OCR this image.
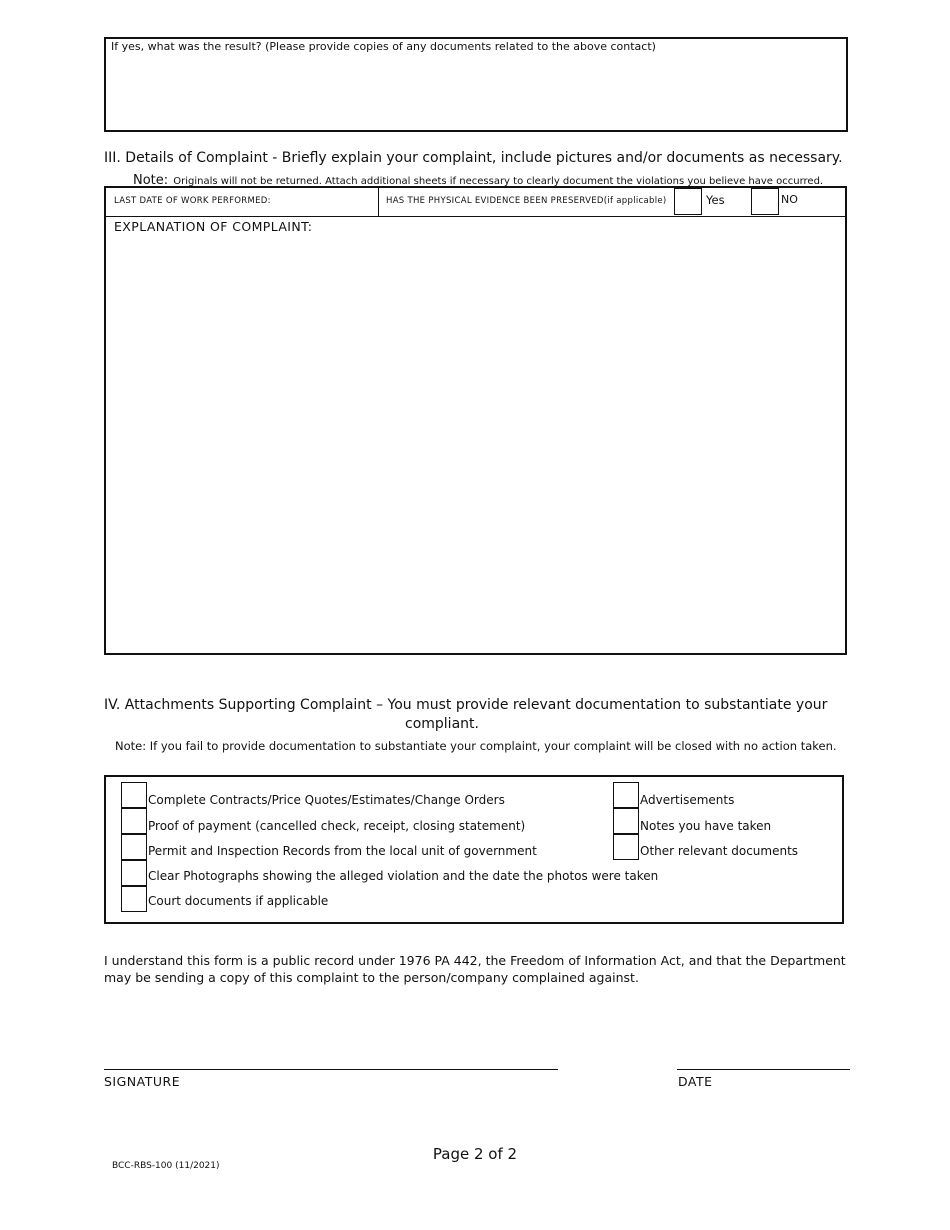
If yes, what was the result? (Please provide copies of any documents related to the above contact)
III. Details of Complaint - Briefly explain your complaint, include pictures and/or documents as necessary.
Note: Originals will not be returned. Attach additional sheets if necessary to clearly document the violations you believe have occurred.
LAST DATE OF WORK PERFORMED:	HAS THE PHYSICAL EVIDENCE BEEN PRESERVED(if applicable)	Yes	NO
EXPLANATION OF COMPLAINT:
IV. Attachments Supporting Complaint – You must provide relevant documentation to substantiate your
compliant.
Note: If you fail to provide documentation to substantiate your complaint, your complaint will be closed with no action taken.
Complete Contracts/Price Quotes/Estimates/Change Orders
Proof of payment (cancelled check, receipt, closing statement)
Permit and Inspection Records from the local unit of government
Clear Photographs showing the alleged violation and the date the photos were taken
Court documents if applicable
Advertisements
Notes you have taken
Other relevant documents
I understand this form is a public record under 1976 PA 442, the Freedom of Information Act, and that the Department
may be sending a copy of this complaint to the person/company complained against.
SIGNATURE	DATE
Page 2 of 2
BCC-RBS-100 (11/2021)
